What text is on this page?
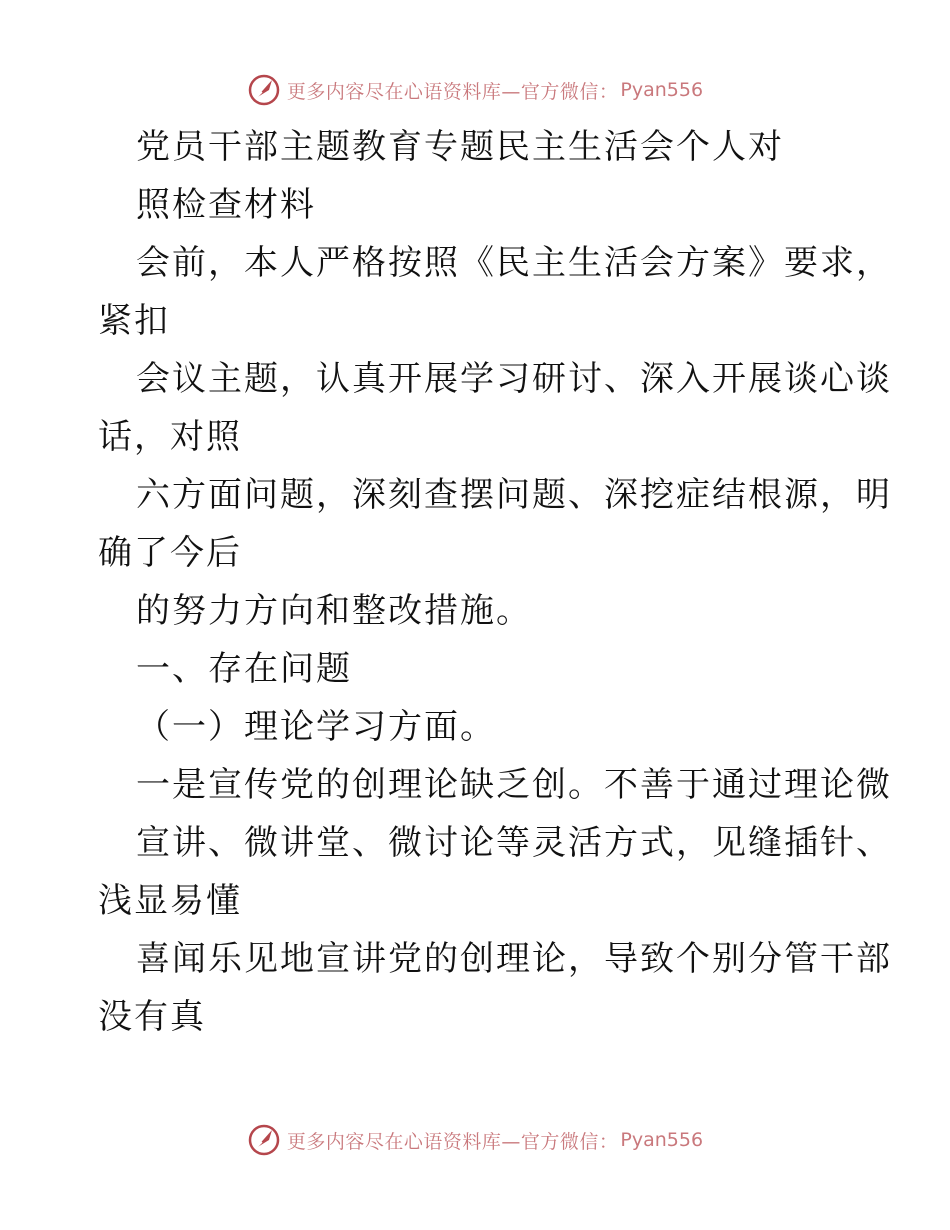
更多内容尽在心语资料库—官方微信： Pyan556
党员干部主题教育专题民主生活会个人对
照检查材料
会前，本人严格按照《民主生活会方案》要求，
紧扣
会议主题，认真开展学习研讨、深入开展谈心谈
话，对照
六方面问题，深刻查摆问题、深挖症结根源，明
确了今后
的努力方向和整改措施。
一、存在问题
（一）理论学习方面。
一是宣传党的创理论缺乏创。不善于通过理论微
宣讲、微讲堂、微讨论等灵活方式，见缝插针、
浅显易懂
喜闻乐见地宣讲党的创理论，导致个别分管干部
没有真
更多内容尽在心语资料库—官方微信： Pyan556
